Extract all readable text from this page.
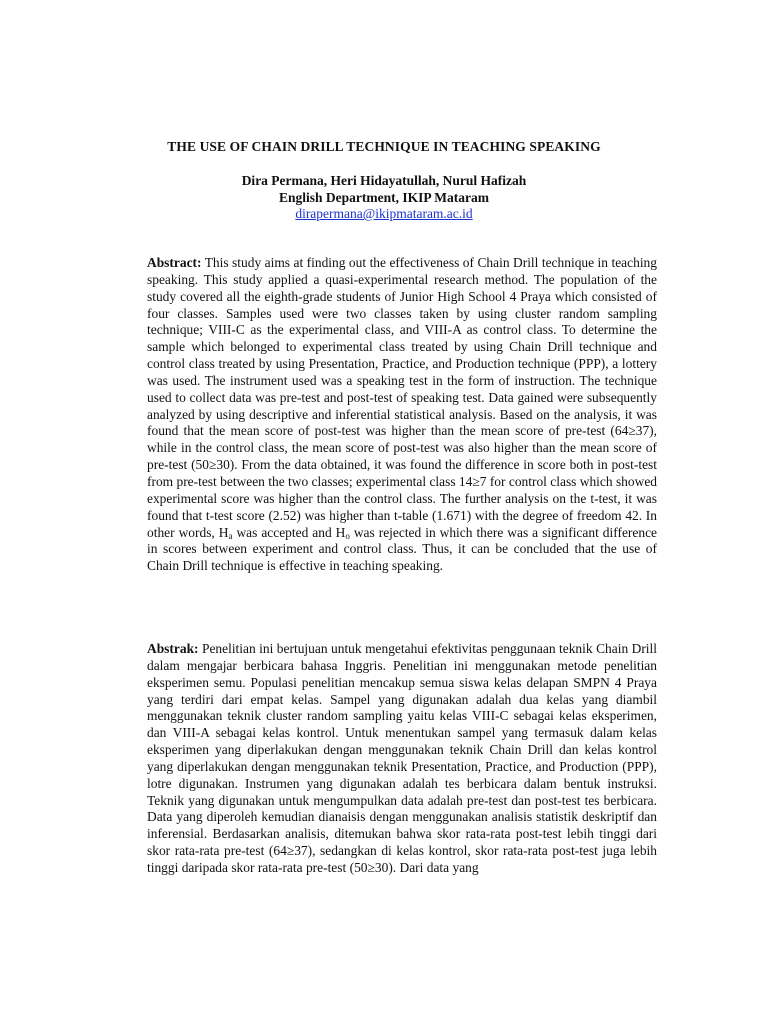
THE USE OF CHAIN DRILL TECHNIQUE IN TEACHING SPEAKING
Dira Permana, Heri Hidayatullah, Nurul Hafizah
English Department, IKIP Mataram
dirapermana@ikipmataram.ac.id
Abstract: This study aims at finding out the effectiveness of Chain Drill technique in teaching speaking. This study applied a quasi-experimental research method. The population of the study covered all the eighth-grade students of Junior High School 4 Praya which consisted of four classes. Samples used were two classes taken by using cluster random sampling technique; VIII-C as the experimental class, and VIII-A as control class. To determine the sample which belonged to experimental class treated by using Chain Drill technique and control class treated by using Presentation, Practice, and Production technique (PPP), a lottery was used. The instrument used was a speaking test in the form of instruction. The technique used to collect data was pre-test and post-test of speaking test. Data gained were subsequently analyzed by using descriptive and inferential statistical analysis. Based on the analysis, it was found that the mean score of post-test was higher than the mean score of pre-test (64≥37), while in the control class, the mean score of post-test was also higher than the mean score of pre-test (50≥30). From the data obtained, it was found the difference in score both in post-test from pre-test between the two classes; experimental class 14≥7 for control class which showed experimental score was higher than the control class. The further analysis on the t-test, it was found that t-test score (2.52) was higher than t-table (1.671) with the degree of freedom 42. In other words, $H_a$ was accepted and $H_o$ was rejected in which there was a significant difference in scores between experiment and control class. Thus, it can be concluded that the use of Chain Drill technique is effective in teaching speaking.
Abstrak: Penelitian ini bertujuan untuk mengetahui efektivitas penggunaan teknik Chain Drill dalam mengajar berbicara bahasa Inggris. Penelitian ini menggunakan metode penelitian eksperimen semu. Populasi penelitian mencakup semua siswa kelas delapan SMPN 4 Praya yang terdiri dari empat kelas. Sampel yang digunakan adalah dua kelas yang diambil menggunakan teknik cluster random sampling yaitu kelas VIII-C sebagai kelas eksperimen, dan VIII-A sebagai kelas kontrol. Untuk menentukan sampel yang termasuk dalam kelas eksperimen yang diperlakukan dengan menggunakan teknik Chain Drill dan kelas kontrol yang diperlakukan dengan menggunakan teknik Presentation, Practice, and Production (PPP), lotre digunakan. Instrumen yang digunakan adalah tes berbicara dalam bentuk instruksi. Teknik yang digunakan untuk mengumpulkan data adalah pre-test dan post-test tes berbicara. Data yang diperoleh kemudian dianaisis dengan menggunakan analisis statistik deskriptif dan inferensial. Berdasarkan analisis, ditemukan bahwa skor rata-rata post-test lebih tinggi dari skor rata-rata pre-test (64≥37), sedangkan di kelas kontrol, skor rata-rata post-test juga lebih tinggi daripada skor rata-rata pre-test (50≥30). Dari data yang
